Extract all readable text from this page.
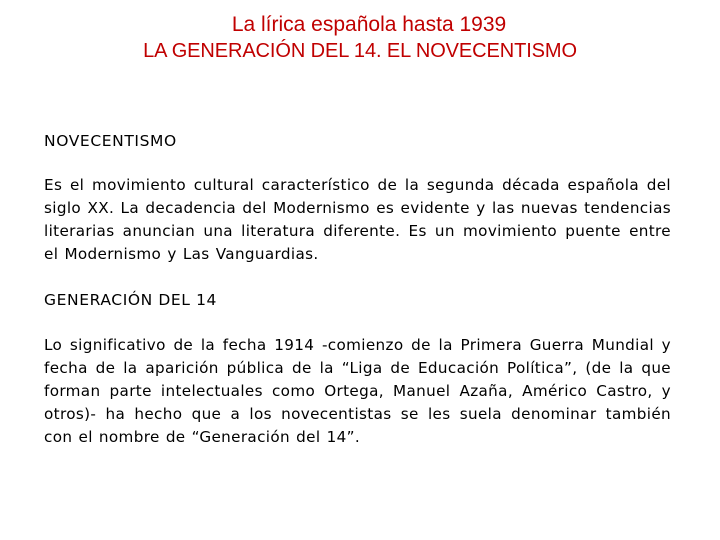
La lírica española hasta 1939
LA GENERACIÓN DEL 14. EL NOVECENTISMO

NOVECENTISMO

Es el movimiento cultural característico de la segunda década española del siglo XX. La decadencia del Modernismo es evidente y las nuevas tendencias literarias anuncian una literatura diferente. Es un movimiento puente entre el Modernismo y Las Vanguardias.

GENERACIÓN DEL 14

Lo significativo de la fecha 1914 -comienzo de la Primera Guerra Mundial y fecha de la aparición pública de la “Liga de Educación Política”, (de la que forman parte intelectuales como Ortega, Manuel Azaña, Américo Castro, y otros)- ha hecho que a los novecentistas se les suela denominar también con el nombre de “Generación del 14”.
